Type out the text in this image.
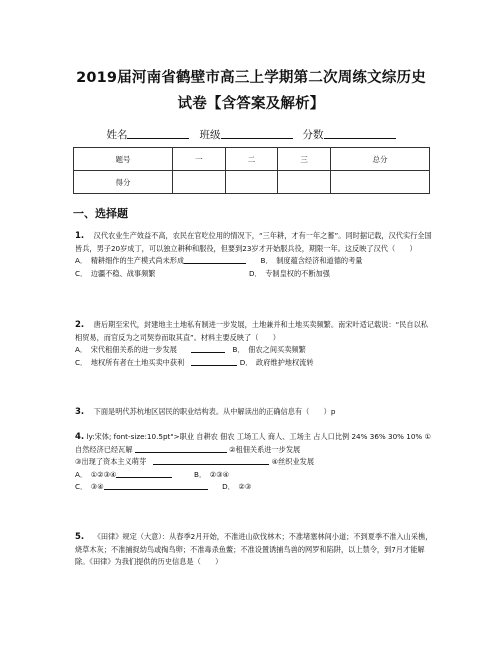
2019届河南省鹤壁市高三上学期第二次周练文综历史
试卷【含答案及解析】
姓名	班级	分数
题号	一	二	三	总分
得分				
一、选择题
1.　 汉代农业生产效益不高，农民在官吃位用的情况下，“三年耕，才有一年之蓄”。同时据记载，汉代实行全国皆兵，男子20岁成丁，可以独立耕种和服役，但要到23岁才开始服兵役，期限一年。这反映了汉代（　　）
A．　精耕细作的生产模式尚未形成　　	B．　制度蕴含经济和道德的考量
C．　边疆不稳、战事频繁　　　　　　　　　　　　　	D．　专制皇权的不断加强
2.　 唐后期至宋代，封建地主土地私有制进一步发展，土地兼并和土地买卖频繁。南宋叶适记载说：“民自以私相贸易，而官反为之司契券而取其直”。材料主要反映了（　　）
A．　宋代租佃关系的进一步发展　　　	B．　佃农之间买卖频繁
C．　地权所有者在土地买卖中获利　	D．　政府维护地权流转
3.　 下面是明代苏杭地区居民的职业结构表。从中解读出的正确信息有（　　）p
4. ly:宋体; font-size:10.5pt">职业 自耕农 佃农 工场工人 商人、工场主 占人口比例 24% 36% 30% 10% ① 自然经济已经瓦解	②租佃关系进一步发展
③出现了资本主义萌芽　	④丝织业发展
A．　①②③④　　　	B．　②③④
C．　③④　　	D．　②③
5.　 《田律》规定（大意）：从春季2月开始，不准进山砍伐林木；不准堵塞林间小道；不到夏季不准入山采樵，烧草木灰；不准捕捉幼鸟或掏鸟卵；不准毒杀鱼鳖；不准设置诱捕鸟兽的网罗和陷阱，以上禁令，到7月才能解除。《田律》为我们提供的历史信息是（　　）
